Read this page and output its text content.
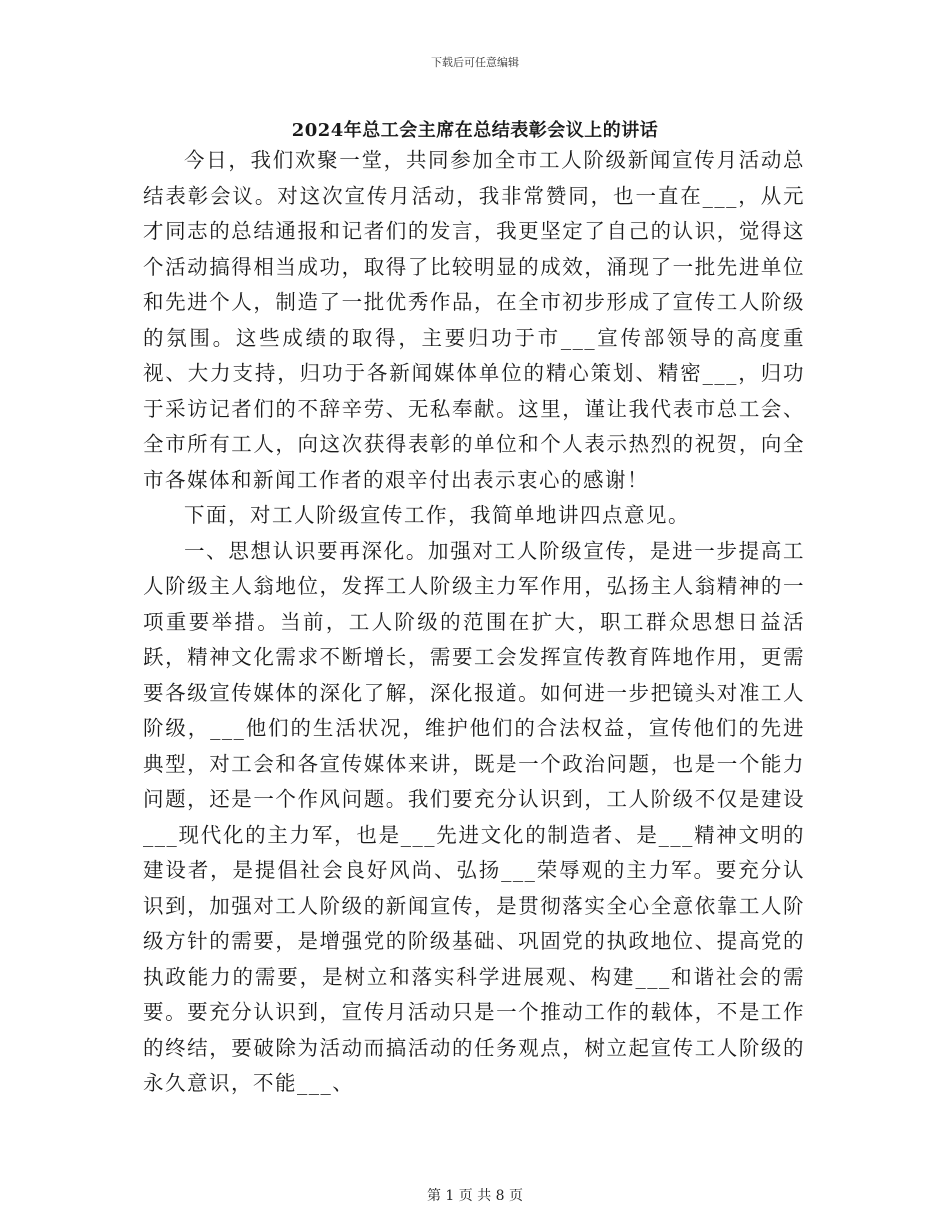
下载后可任意编辑
2024年总工会主席在总结表彰会议上的讲话

今日，我们欢聚一堂，共同参加全市工人阶级新闻宣传月活动总结表彰会议。对这次宣传月活动，我非常赞同，也一直在___，从元才同志的总结通报和记者们的发言，我更坚定了自己的认识，觉得这个活动搞得相当成功，取得了比较明显的成效，涌现了一批先进单位和先进个人，制造了一批优秀作品，在全市初步形成了宣传工人阶级的氛围。这些成绩的取得，主要归功于市___宣传部领导的高度重视、大力支持，归功于各新闻媒体单位的精心策划、精密___，归功于采访记者们的不辞辛劳、无私奉献。这里，谨让我代表市总工会、全市所有工人，向这次获得表彰的单位和个人表示热烈的祝贺，向全市各媒体和新闻工作者的艰辛付出表示衷心的感谢！

下面，对工人阶级宣传工作，我简单地讲四点意见。

一、思想认识要再深化。加强对工人阶级宣传，是进一步提高工人阶级主人翁地位，发挥工人阶级主力军作用，弘扬主人翁精神的一项重要举措。当前，工人阶级的范围在扩大，职工群众思想日益活跃，精神文化需求不断增长，需要工会发挥宣传教育阵地作用，更需要各级宣传媒体的深化了解，深化报道。如何进一步把镜头对准工人阶级，___他们的生活状况，维护他们的合法权益，宣传他们的先进典型，对工会和各宣传媒体来讲，既是一个政治问题，也是一个能力问题，还是一个作风问题。我们要充分认识到，工人阶级不仅是建设___现代化的主力军，也是___先进文化的制造者、是___精神文明的建设者，是提倡社会良好风尚、弘扬___荣辱观的主力军。要充分认识到，加强对工人阶级的新闻宣传，是贯彻落实全心全意依靠工人阶级方针的需要，是增强党的阶级基础、巩固党的执政地位、提高党的执政能力的需要，是树立和落实科学进展观、构建___和谐社会的需要。要充分认识到，宣传月活动只是一个推动工作的载体，不是工作的终结，要破除为活动而搞活动的任务观点，树立起宣传工人阶级的永久意识，不能___、

第 1 页 共 8 页
